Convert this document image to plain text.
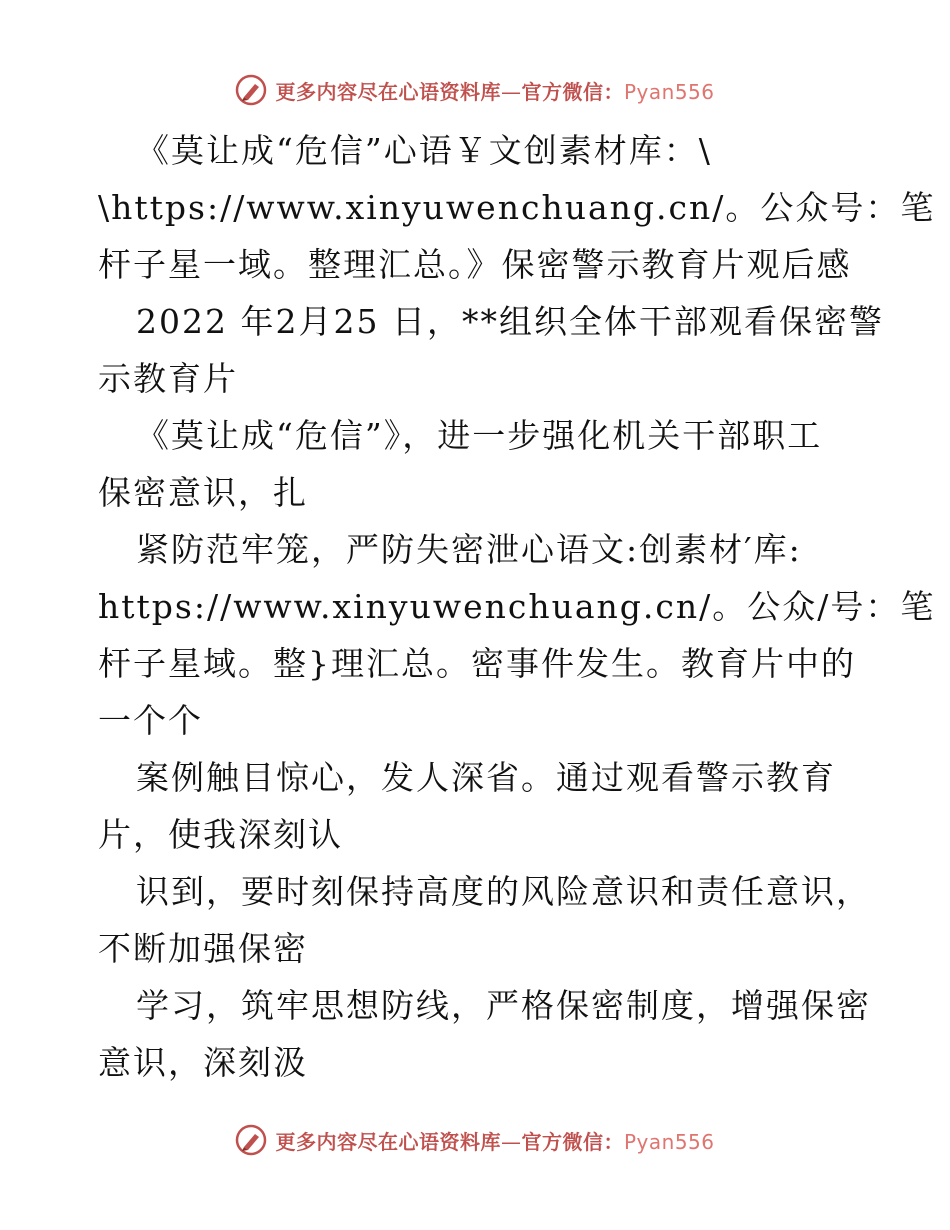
更多内容尽在心语资料库—官方微信：Pyan556
《莫让成“危信”心语￥文创素材库：\
\https://www.xinyuwenchuang.cn/。公众号：笔
杆子星一域。整理汇总。》保密警示教育片观后感
2022 年2月25 日，**组织全体干部观看保密警
示教育片
《莫让成“危信”》，进一步强化机关干部职工
保密意识，扎
紧防范牢笼，严防失密泄心语文:创素材′库:
https://www.xinyuwenchuang.cn/。公众/号：笔
杆子星域。整}理汇总。密事件发生。教育片中的
一个个
案例触目惊心，发人深省。通过观看警示教育
片，使我深刻认
识到，要时刻保持高度的风险意识和责任意识，
不断加强保密
学习，筑牢思想防线，严格保密制度，增强保密
意识，深刻汲
更多内容尽在心语资料库—官方微信：Pyan556
